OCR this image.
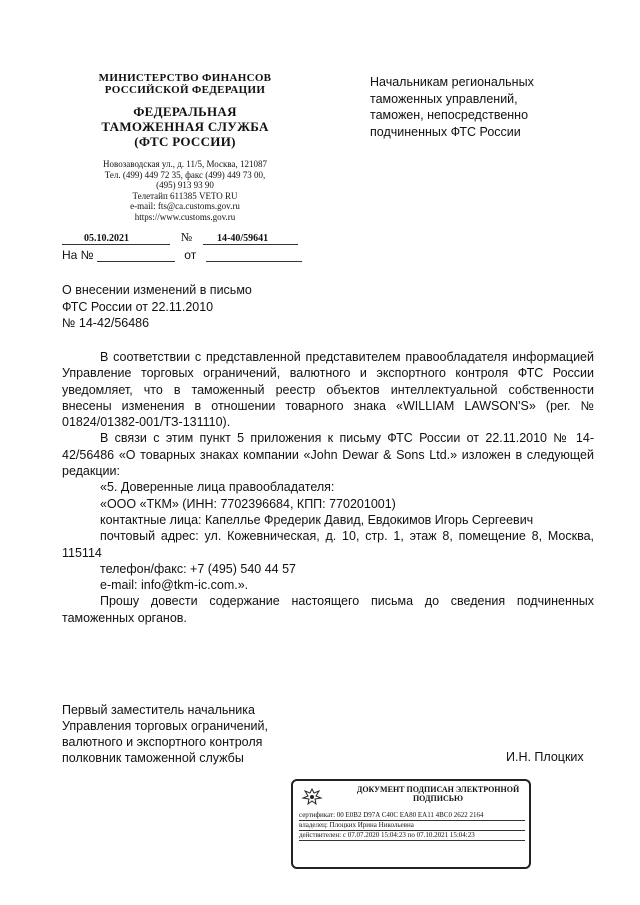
МИНИСТЕРСТВО ФИНАНСОВ
РОССИЙСКОЙ ФЕДЕРАЦИИ
ФЕДЕРАЛЬНАЯ
ТАМОЖЕННАЯ СЛУЖБА
(ФТС РОССИИ)
Новозаводская ул., д. 11/5, Москва, 121087
Тел. (499) 449 72 35, факс (499) 449 73 00,
(495) 913 93 90
Телетайп 611385 VETO RU
e-mail: fts@ca.customs.gov.ru
https://www.customs.gov.ru
Начальникам региональных
таможенных управлений,
таможен, непосредственно
подчиненных ФТС России
05.10.2021	№ 14-40/59641
На №	от
О внесении изменений в письмо
ФТС России от 22.11.2010
№ 14-42/56486

В соответствии с представленной представителем правообладателя информацией Управление торговых ограничений, валютного и экспортного контроля ФТС России уведомляет, что в таможенный реестр объектов интеллектуальной собственности внесены изменения в отношении товарного знака «WILLIAM LAWSON'S» (рег. № 01824/01382-001/ТЗ-131110).

В связи с этим пункт 5 приложения к письму ФТС России от 22.11.2010 № 14-42/56486 «О товарных знаках компании «John Dewar & Sons Ltd.» изложен в следующей редакции:

«5. Доверенные лица правообладателя:

«ООО «ТКМ» (ИНН: 7702396684, КПП: 770201001)

контактные лица: Капеллье Фредерик Давид, Евдокимов Игорь Сергеевич

почтовый адрес: ул. Кожевническая, д. 10, стр. 1, этаж 8, помещение 8, Москва, 115114

телефон/факс: +7 (495) 540 44 57

e-mail: info@tkm-ic.com.».

Прошу довести содержание настоящего письма до сведения подчиненных таможенных органов.

Первый заместитель начальника
Управления торговых ограничений,
валютного и экспортного контроля
полковник таможенной службы	И.Н. Плоцких
ДОКУМЕНТ ПОДПИСАН ЭЛЕКТРОННОЙ
ПОДПИСЬЮ
сертификат: 00 E0B2 D97A C40C EA80 EA11 4BC0 2622 2164
владелец: Плоцких Ирина Никольевна
действителен: с 07.07.2020 15:04:23 по 07.10.2021 15:04:23
